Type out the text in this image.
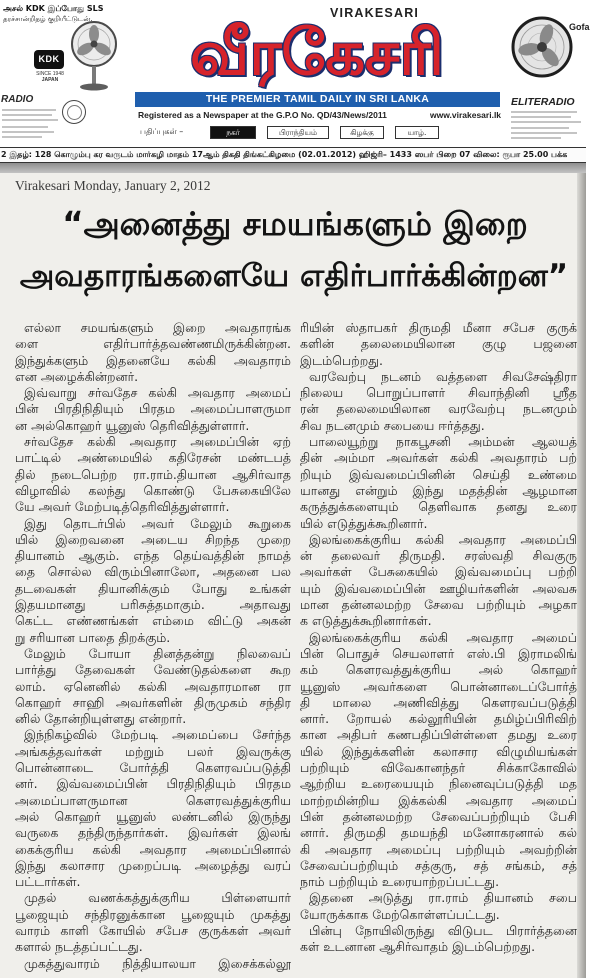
அசல் KDK இப்போது SLS
தரச்சான்றிதழ் குறியீட்டுடன்.
KDK
SINCE 1948
JAPAN
RADIO
VIRAKESARI
வீரகேசரி
THE PREMIER TAMIL DAILY IN SRI LANKA
Registered as a Newspaper at the G.P.O No. QD/43/News/2011	www.virakesari.lk
பதிப்புகள் –	நகர்	பிராந்தியம்	கிழக்கு	யாழ்.
Gofa
ELITERADIO
2 இதழ்: 128 கொழும்பு கர வருடம் மார்கழி மாதம் 17ஆம் திகதி திங்கட்கிழமை (02.01.2012) ஹிஜ்ரி– 1433 ஸபர் பிறை 07 விலை: ரூபா 25.00 பக்க
Virakesari Monday, January 2, 2012
“அனைத்து சமயங்களும் இறை
அவதாரங்களையே எதிர்பார்க்கின்றன”
எல்லா சமயங்களும் இறை அவதாரங்க
ளை எதிர்பார்த்தவண்ணமிருக்கின்றன.
இந்துக்களும் இதனையே கல்கி அவதாரம்
என அழைக்கின்றனர்.
இவ்வாறு சர்வதேச கல்கி அவதார அமைப்
பின் பிரதிநிதியும் பிரதம அமைப்பாளருமா
ன அல்கொஹர் யூனுஸ் தெரிவித்துள்ளார்.
சர்வதேச கல்கி அவதார அமைப்பின் ஏற்
பாட்டில் அண்மையில் கதிரேசன் மண்டபத்
தில் நடைபெற்ற ரா.ராம்.தியான ஆசிர்வாத
விழாவில் கலந்து கொண்டு பேசுகையிலே
யே அவர் மேற்படித்தெரிவித்துள்ளார்.
இது தொடர்பில் அவர் மேலும் கூறுகை
யில் இறைவனை அடைய சிறந்த முறை
தியானம் ஆகும். எந்த தெய்வத்தின் நாமத்
தை சொல்ல விரும்பினாலோ, அதனை பல
தடவைகள் தியானிக்கும் போது உங்கள்
இதயமானது பரிசுத்தமாகும். அதாவது
கெட்ட எண்ணங்கள் எம்மை விட்டு அகன்
று சரியான பாதை திறக்கும்.
மேலும் போயா தினத்தன்று நிலவைப்
பார்த்து தேவைகள் வேண்டுதல்களை கூற
லாம். ஏனெனில் கல்கி அவதாரமான ரா
கொஹர் சாஹி அவர்களின் திருமுகம் சந்திர
னில் தோன்றியுள்ளது என்றார்.
இந்நிகழ்வில் மேற்படி அமைப்பை சேர்ந்த
அங்கத்தவர்கள் மற்றும் பலர் இவருக்கு
பொன்னாடை போர்த்தி கௌரவப்படுத்தி
னர். இவ்வமைப்பின் பிரதிநிதியும் பிரதம
அமைப்பாளருமான கௌரவத்துக்குரிய
அல் கொஹர் யூனுஸ் லண்டனில் இருந்து
வருகை தந்திருந்தார்கள். இவர்கள் இலங்
கைக்குரிய கல்கி அவதார அமைப்பினால்
இந்து கலாசார முறைப்படி அழைத்து வரப்
பட்டார்கள்.
முதல் வணக்கத்துக்குரிய பிள்ளையார்
பூஜையும் சந்திரனுக்கான பூஜையும் முகத்து
வாரம் காளி கோயில் சபேச குருக்கள் அவர்
களால் நடத்தப்பட்டது.
முகத்துவாரம் நித்தியாலயா இசைக்கல்லூ
ரியின் ஸ்தாபகர் திருமதி மீனா சபேச குருக்
களின் தலைமையிலான குழு பஜனை
இடம்பெற்றது.
வரவேற்பு நடனம் வத்தளை சிவசேஷ்திரா
நிலைய பொறுப்பாளர் சிவாந்தினி ஸ்ரீத
ரன் தலைமையிலான வரவேற்பு நடனமும்
சிவ நடனமும் சபையை ஈர்த்தது.
பாலையூற்று நாகபூசனி அம்மன் ஆலயத்
தின் அம்மா அவர்கள் கல்கி அவதாரம் பற்
றியும் இவ்வமைப்பினின் செய்தி உண்மை
யானது என்றும் இந்து மதத்தின் ஆழமான
கருத்துக்களையும் தெளிவாக தனது உரை
யில் எடுத்துக்கூறினார்.
இலங்கைக்குரிய கல்கி அவதார அமைப்பி
ன் தலைவர் திருமதி. சரஸ்வதி சிவகுரு
அவர்கள் பேசுகையில் இவ்வமைப்பு பற்றி
யும் இவ்வமைப்பின் ஊழியர்களின் அலவசு
மான தன்னலமற்ற சேவை பற்றியும் அழகா
க எடுத்துக்கூறினார்கள்.
இலங்கைக்குரிய கல்கி அவதார அமைப்
பின் பொதுச் செயலாளர் எஸ்.பி இராமலிங்
கம் கௌரவத்துக்குரிய அல் கொஹர்
யூனுஸ் அவர்களை பொன்னாடைப்போர்த்
தி மாலை அணிவித்து கௌரவப்படுத்தி
னார். றோயல் கல்லூரியின் தமிழ்ப்பிரிவிற்
கான அதிபர் கணபதிப்பிள்ள்ளை தமது உரை
யில் இந்துக்களின் கலாசார விழுமியங்கள்
பற்றியும் விவேகானந்தர் சிக்காகோவில்
ஆற்றிய உரையையும் நினைவுப்படுத்தி மத
மாற்றமின்றிய இக்கல்கி அவதார அமைப்
பின் தன்னலமற்ற சேவைப்பற்றியும் பேசி
னார். திருமதி தமயந்தி மனோகரனால் கல்
கி அவதார அமைப்பு பற்றியும் அவற்றின்
சேவைப்பற்றியும் சத்குரு, சத் சங்கம், சத்
நாம் பற்றியும் உரையாற்றப்பட்டது.
இதனை அடுத்து ரா.ராம் தியானம் சபை
யோருக்காக மேற்கொள்ளப்பட்டது.
பின்பு நோயிலிருந்து விடுபட பிரார்த்தனை
கள் உடனான ஆசிர்வாதம் இடம்பெற்றது.
